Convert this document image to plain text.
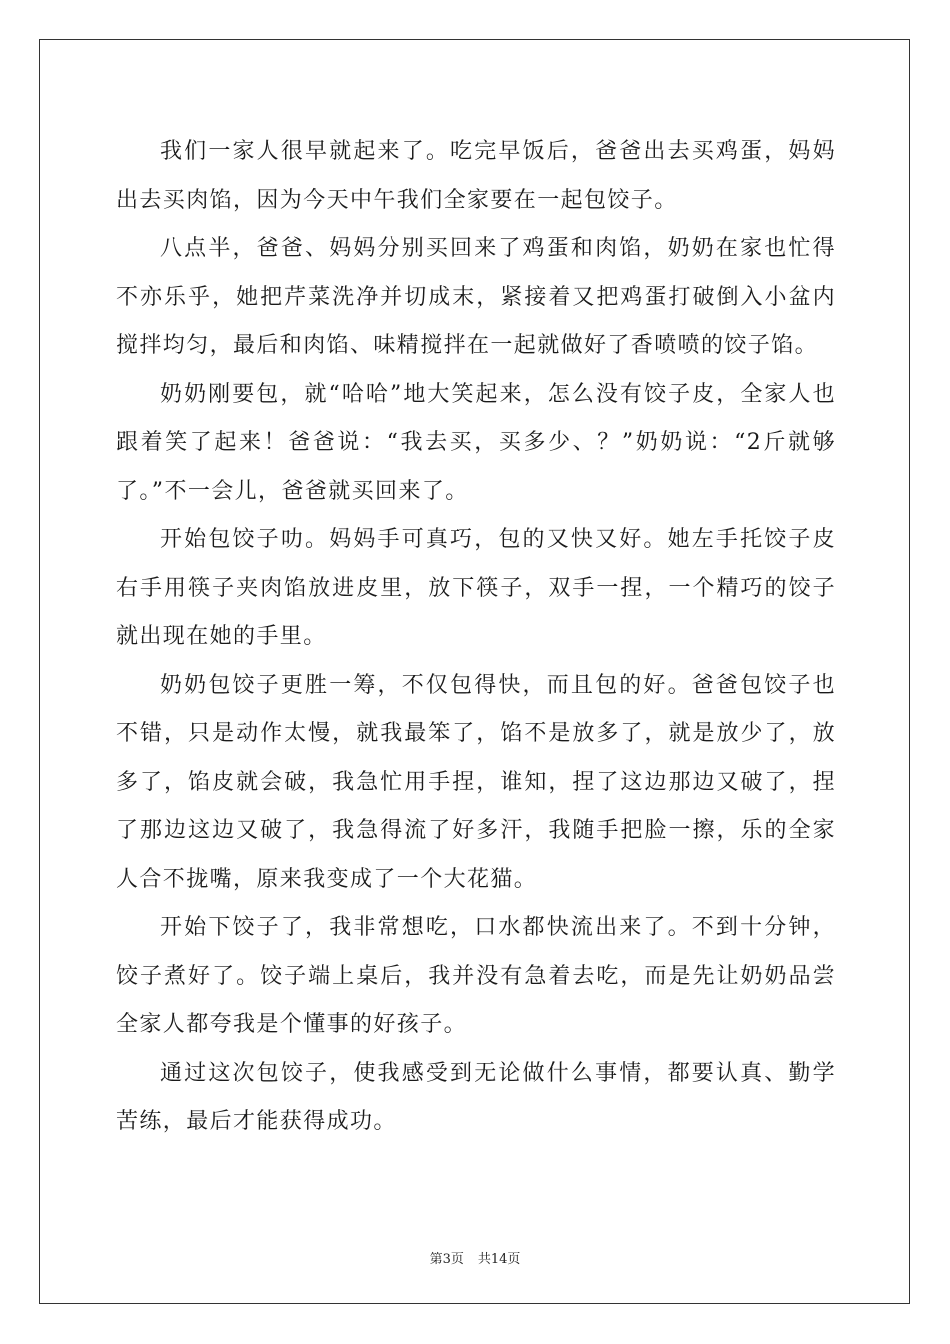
我们一家人很早就起来了。吃完早饭后，爸爸出去买鸡蛋，妈妈出去买肉馅，因为今天中午我们全家要在一起包饺子。

八点半，爸爸、妈妈分别买回来了鸡蛋和肉馅，奶奶在家也忙得不亦乐乎，她把芹菜洗净并切成末，紧接着又把鸡蛋打破倒入小盆内搅拌均匀，最后和肉馅、味精搅拌在一起就做好了香喷喷的饺子馅。

奶奶刚要包，就“哈哈”地大笑起来，怎么没有饺子皮，全家人也跟着笑了起来！爸爸说：“我去买，买多少、？”奶奶说：“2斤就够了。”不一会儿，爸爸就买回来了。

开始包饺子叻。妈妈手可真巧，包的又快又好。她左手托饺子皮右手用筷子夹肉馅放进皮里，放下筷子，双手一捏，一个精巧的饺子就出现在她的手里。

奶奶包饺子更胜一筹，不仅包得快，而且包的好。爸爸包饺子也不错，只是动作太慢，就我最笨了，馅不是放多了，就是放少了，放多了，馅皮就会破，我急忙用手捏，谁知，捏了这边那边又破了，捏了那边这边又破了，我急得流了好多汗，我随手把脸一擦，乐的全家人合不拢嘴，原来我变成了一个大花猫。

开始下饺子了，我非常想吃，口水都快流出来了。不到十分钟，饺子煮好了。饺子端上桌后，我并没有急着去吃，而是先让奶奶品尝全家人都夸我是个懂事的好孩子。

通过这次包饺子，使我感受到无论做什么事情，都要认真、勤学苦练，最后才能获得成功。

第3页 共14页
